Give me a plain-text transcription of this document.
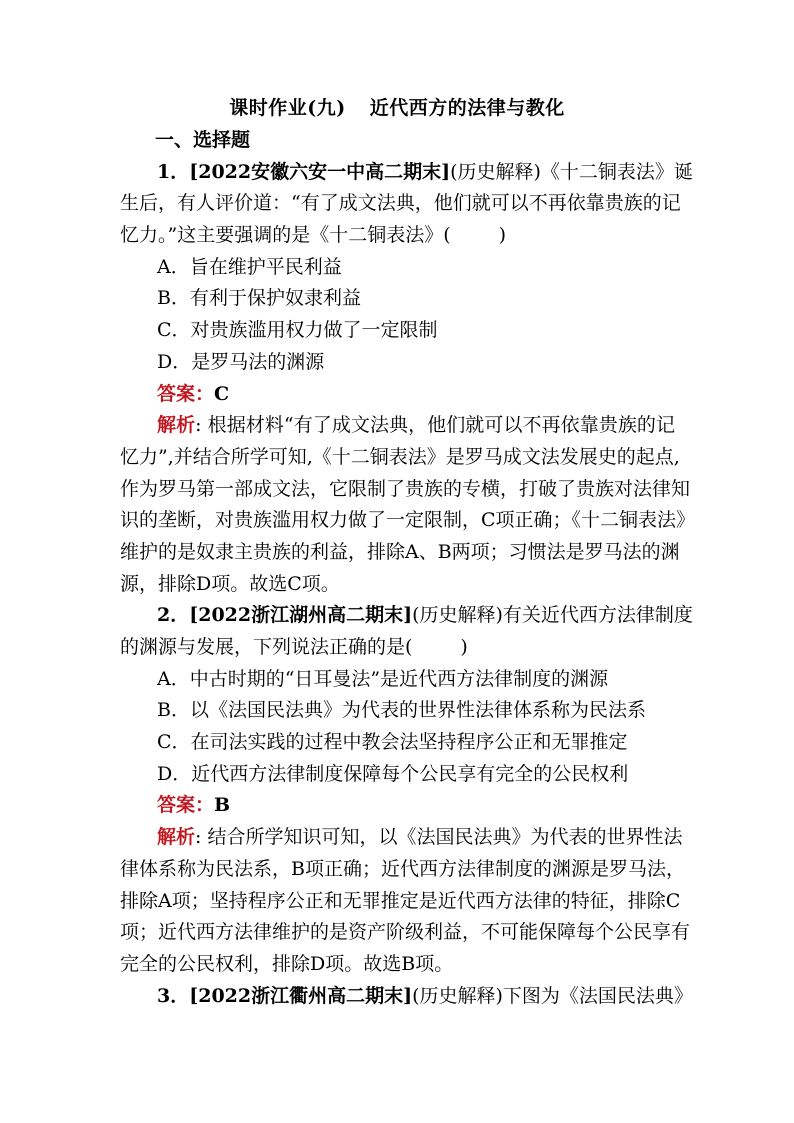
课时作业(九) 近代西方的法律与教化
一、选择题
1．[2022安徽六安一中高二期末](历史解释)《十二铜表法》诞
生后，有人评价道：“有了成文法典，他们就可以不再依靠贵族的记
忆力。”这主要强调的是《十二铜表法》(	)
A．旨在维护平民利益
B．有利于保护奴隶利益
C．对贵族滥用权力做了一定限制
D．是罗马法的渊源
答案：C
解析: 根据材料“有了成文法典，他们就可以不再依靠贵族的记
忆力”,并结合所学可知,《十二铜表法》是罗马成文法发展史的起点,
作为罗马第一部成文法，它限制了贵族的专横，打破了贵族对法律知
识的垄断，对贵族滥用权力做了一定限制，C项正确；《十二铜表法》
维护的是奴隶主贵族的利益，排除A、B两项；习惯法是罗马法的渊
源，排除D项。故选C项。
2．[2022浙江湖州高二期末](历史解释)有关近代西方法律制度
的渊源与发展，下列说法正确的是(	)
A．中古时期的“日耳曼法”是近代西方法律制度的渊源
B．以《法国民法典》为代表的世界性法律体系称为民法系
C．在司法实践的过程中教会法坚持程序公正和无罪推定
D．近代西方法律制度保障每个公民享有完全的公民权利
答案：B
解析: 结合所学知识可知，以《法国民法典》为代表的世界性法
律体系称为民法系，B项正确；近代西方法律制度的渊源是罗马法，
排除A项；坚持程序公正和无罪推定是近代西方法律的特征，排除C
项；近代西方法律维护的是资产阶级利益，不可能保障每个公民享有
完全的公民权利，排除D项。故选B项。
3．[2022浙江衢州高二期末](历史解释)下图为《法国民法典》
